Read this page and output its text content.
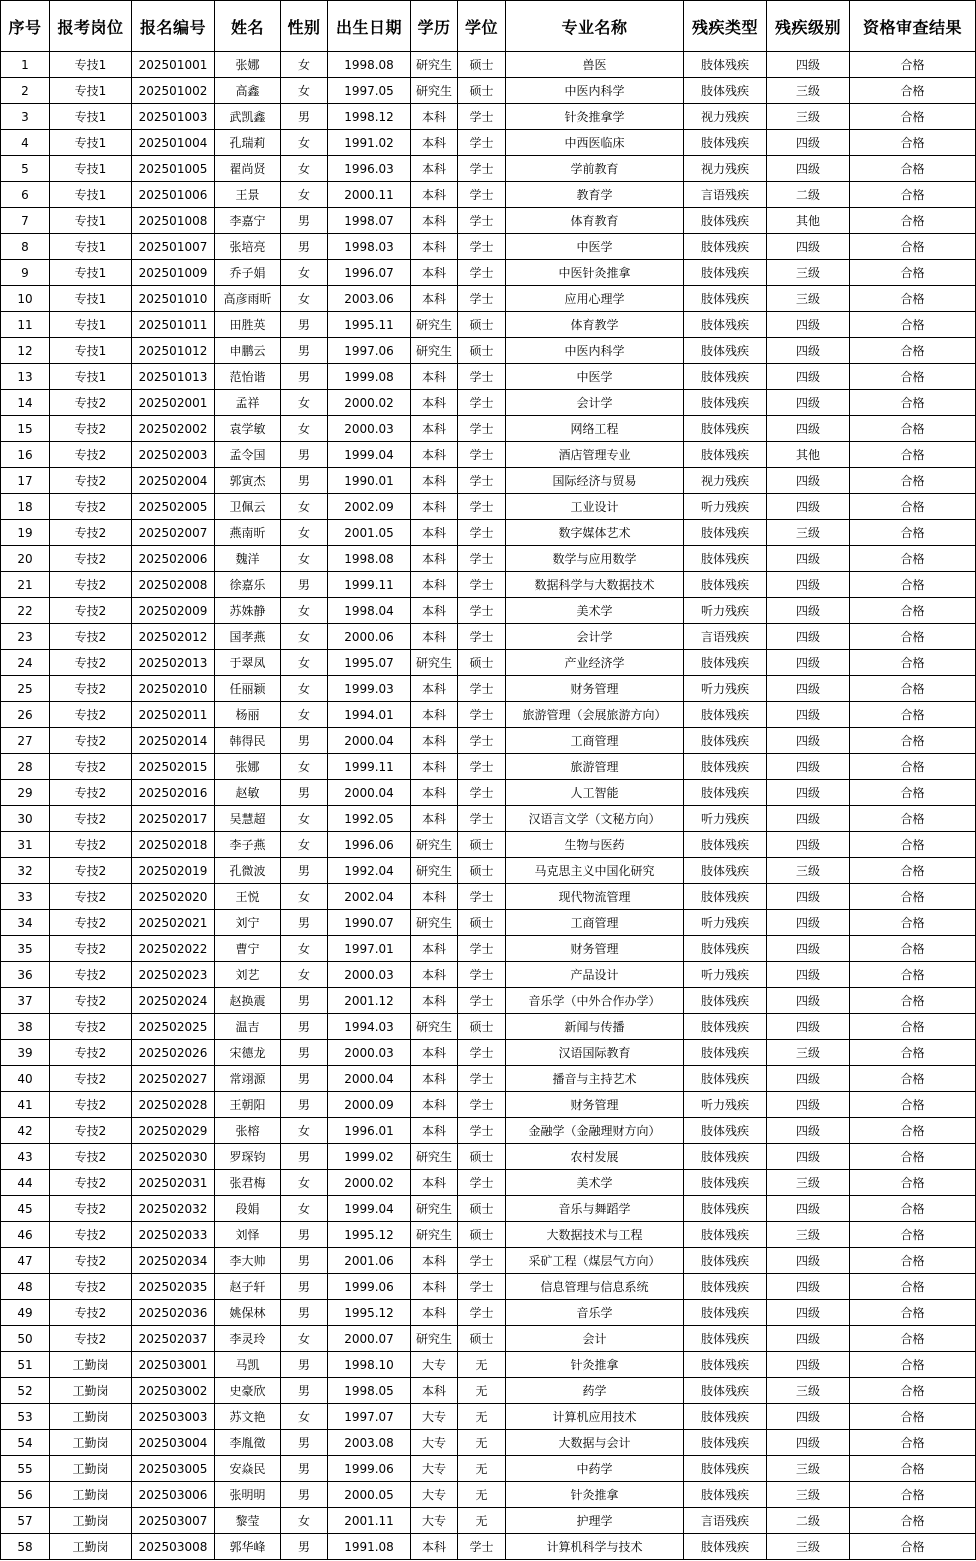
序号	报考岗位	报名编号	姓名	性别	出生日期	学历	学位	专业名称	残疾类型	残疾级别	资格审查结果
1	专技1	202501001	张娜	女	1998.08	研究生	硕士	兽医	肢体残疾	四级	合格
2	专技1	202501002	高鑫	女	1997.05	研究生	硕士	中医内科学	肢体残疾	三级	合格
3	专技1	202501003	武凯鑫	男	1998.12	本科	学士	针灸推拿学	视力残疾	三级	合格
4	专技1	202501004	孔瑞莉	女	1991.02	本科	学士	中西医临床	肢体残疾	四级	合格
5	专技1	202501005	翟尚贤	女	1996.03	本科	学士	学前教育	视力残疾	四级	合格
6	专技1	202501006	王景	女	2000.11	本科	学士	教育学	言语残疾	二级	合格
7	专技1	202501008	李嘉宁	男	1998.07	本科	学士	体育教育	肢体残疾	其他	合格
8	专技1	202501007	张培亮	男	1998.03	本科	学士	中医学	肢体残疾	四级	合格
9	专技1	202501009	乔子娟	女	1996.07	本科	学士	中医针灸推拿	肢体残疾	三级	合格
10	专技1	202501010	高彦雨昕	女	2003.06	本科	学士	应用心理学	肢体残疾	三级	合格
11	专技1	202501011	田胜英	男	1995.11	研究生	硕士	体育教学	肢体残疾	四级	合格
12	专技1	202501012	申鹏云	男	1997.06	研究生	硕士	中医内科学	肢体残疾	四级	合格
13	专技1	202501013	范怡谐	男	1999.08	本科	学士	中医学	肢体残疾	四级	合格
14	专技2	202502001	孟祥	女	2000.02	本科	学士	会计学	肢体残疾	四级	合格
15	专技2	202502002	袁学敏	女	2000.03	本科	学士	网络工程	肢体残疾	四级	合格
16	专技2	202502003	孟令国	男	1999.04	本科	学士	酒店管理专业	肢体残疾	其他	合格
17	专技2	202502004	郭寅杰	男	1990.01	本科	学士	国际经济与贸易	视力残疾	四级	合格
18	专技2	202502005	卫佩云	女	2002.09	本科	学士	工业设计	听力残疾	四级	合格
19	专技2	202502007	燕南昕	女	2001.05	本科	学士	数字媒体艺术	肢体残疾	三级	合格
20	专技2	202502006	魏洋	女	1998.08	本科	学士	数学与应用数学	肢体残疾	四级	合格
21	专技2	202502008	徐嘉乐	男	1999.11	本科	学士	数据科学与大数据技术	肢体残疾	四级	合格
22	专技2	202502009	苏姝静	女	1998.04	本科	学士	美术学	听力残疾	四级	合格
23	专技2	202502012	国孝燕	女	2000.06	本科	学士	会计学	言语残疾	四级	合格
24	专技2	202502013	于翠凤	女	1995.07	研究生	硕士	产业经济学	肢体残疾	四级	合格
25	专技2	202502010	任丽颖	女	1999.03	本科	学士	财务管理	听力残疾	四级	合格
26	专技2	202502011	杨丽	女	1994.01	本科	学士	旅游管理（会展旅游方向）	肢体残疾	四级	合格
27	专技2	202502014	韩得民	男	2000.04	本科	学士	工商管理	肢体残疾	四级	合格
28	专技2	202502015	张娜	女	1999.11	本科	学士	旅游管理	肢体残疾	四级	合格
29	专技2	202502016	赵敏	男	2000.04	本科	学士	人工智能	肢体残疾	四级	合格
30	专技2	202502017	吴慧超	女	1992.05	本科	学士	汉语言文学（文秘方向）	听力残疾	四级	合格
31	专技2	202502018	李子燕	女	1996.06	研究生	硕士	生物与医药	肢体残疾	四级	合格
32	专技2	202502019	孔微波	男	1992.04	研究生	硕士	马克思主义中国化研究	肢体残疾	三级	合格
33	专技2	202502020	王悦	女	2002.04	本科	学士	现代物流管理	肢体残疾	四级	合格
34	专技2	202502021	刘宁	男	1990.07	研究生	硕士	工商管理	听力残疾	四级	合格
35	专技2	202502022	曹宁	女	1997.01	本科	学士	财务管理	肢体残疾	四级	合格
36	专技2	202502023	刘艺	女	2000.03	本科	学士	产品设计	听力残疾	四级	合格
37	专技2	202502024	赵换震	男	2001.12	本科	学士	音乐学（中外合作办学）	肢体残疾	四级	合格
38	专技2	202502025	温吉	男	1994.03	研究生	硕士	新闻与传播	肢体残疾	四级	合格
39	专技2	202502026	宋德龙	男	2000.03	本科	学士	汉语国际教育	肢体残疾	三级	合格
40	专技2	202502027	常翊源	男	2000.04	本科	学士	播音与主持艺术	肢体残疾	四级	合格
41	专技2	202502028	王朝阳	男	2000.09	本科	学士	财务管理	听力残疾	四级	合格
42	专技2	202502029	张榕	女	1996.01	本科	学士	金融学（金融理财方向）	肢体残疾	四级	合格
43	专技2	202502030	罗琛钧	男	1999.02	研究生	硕士	农村发展	肢体残疾	四级	合格
44	专技2	202502031	张君梅	女	2000.02	本科	学士	美术学	肢体残疾	三级	合格
45	专技2	202502032	段娟	女	1999.04	研究生	硕士	音乐与舞蹈学	肢体残疾	四级	合格
46	专技2	202502033	刘怿	男	1995.12	研究生	硕士	大数据技术与工程	肢体残疾	三级	合格
47	专技2	202502034	李大帅	男	2001.06	本科	学士	采矿工程（煤层气方向）	肢体残疾	四级	合格
48	专技2	202502035	赵子轩	男	1999.06	本科	学士	信息管理与信息系统	肢体残疾	四级	合格
49	专技2	202502036	姚保林	男	1995.12	本科	学士	音乐学	肢体残疾	四级	合格
50	专技2	202502037	李灵玲	女	2000.07	研究生	硕士	会计	肢体残疾	四级	合格
51	工勤岗	202503001	马凯	男	1998.10	大专	无	针灸推拿	肢体残疾	四级	合格
52	工勤岗	202503002	史豪欣	男	1998.05	本科	无	药学	肢体残疾	三级	合格
53	工勤岗	202503003	苏文艳	女	1997.07	大专	无	计算机应用技术	肢体残疾	四级	合格
54	工勤岗	202503004	李胤徵	男	2003.08	大专	无	大数据与会计	肢体残疾	四级	合格
55	工勤岗	202503005	安焱民	男	1999.06	大专	无	中药学	肢体残疾	三级	合格
56	工勤岗	202503006	张明明	男	2000.05	大专	无	针灸推拿	肢体残疾	三级	合格
57	工勤岗	202503007	黎莹	女	2001.11	大专	无	护理学	言语残疾	二级	合格
58	工勤岗	202503008	郭华峰	男	1991.08	本科	学士	计算机科学与技术	肢体残疾	三级	合格
